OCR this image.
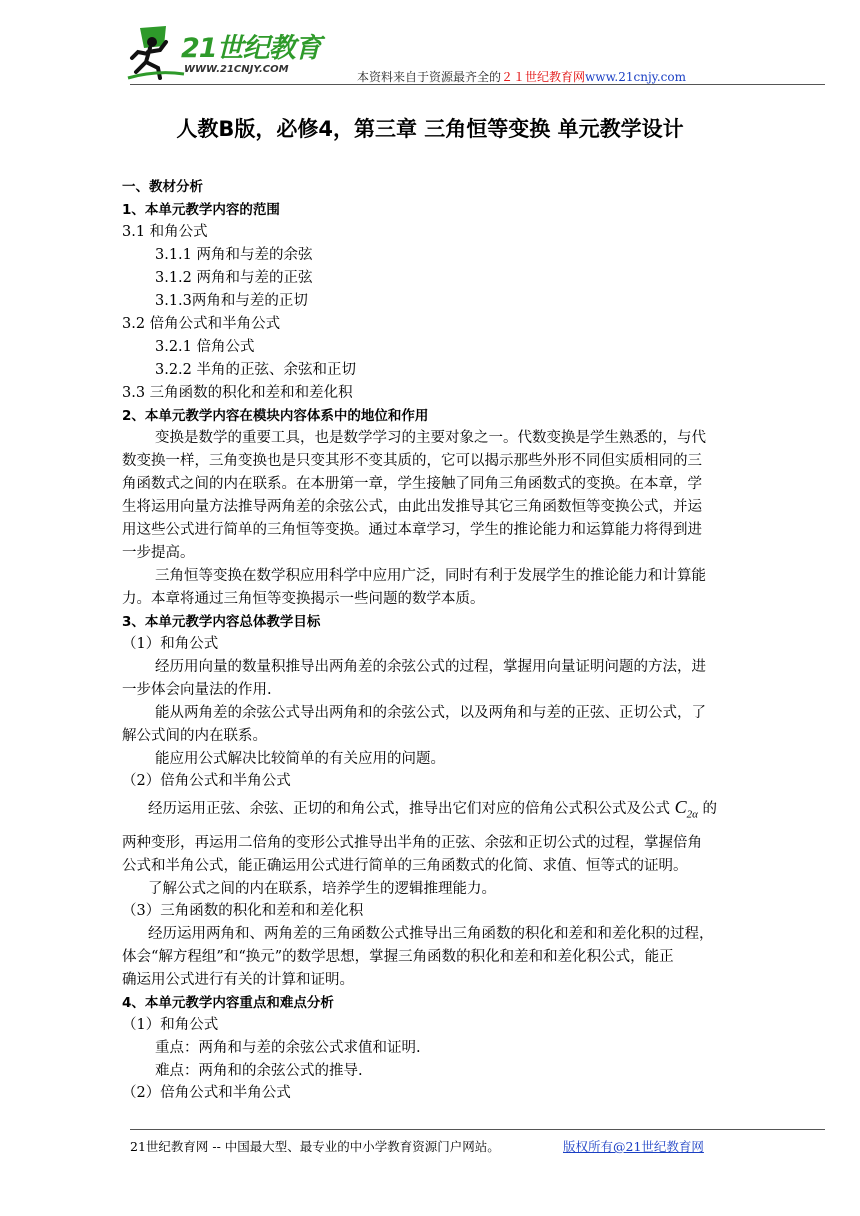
21世纪教育
WWW.21CNJY.COM
本资料来自于资源最齐全的２１世纪教育网www.21cnjy.com
人教B版，必修4，第三章 三角恒等变换 单元教学设计
一、教材分析
1、本单元教学内容的范围
3.1 和角公式
3.1.1 两角和与差的余弦
3.1.2 两角和与差的正弦
3.1.3两角和与差的正切
3.2 倍角公式和半角公式
3.2.1 倍角公式
3.2.2 半角的正弦、余弦和正切
3.3 三角函数的积化和差和和差化积
2、本单元教学内容在模块内容体系中的地位和作用
变换是数学的重要工具，也是数学学习的主要对象之一。代数变换是学生熟悉的，与代
数变换一样，三角变换也是只变其形不变其质的，它可以揭示那些外形不同但实质相同的三
角函数式之间的内在联系。在本册第一章，学生接触了同角三角函数式的变换。在本章，学
生将运用向量方法推导两角差的余弦公式，由此出发推导其它三角函数恒等变换公式，并运
用这些公式进行简单的三角恒等变换。通过本章学习，学生的推论能力和运算能力将得到进
一步提高。
三角恒等变换在数学积应用科学中应用广泛，同时有利于发展学生的推论能力和计算能
力。本章将通过三角恒等变换揭示一些问题的数学本质。
3、本单元教学内容总体教学目标
（1）和角公式
经历用向量的数量积推导出两角差的余弦公式的过程，掌握用向量证明问题的方法，进
一步体会向量法的作用.
能从两角差的余弦公式导出两角和的余弦公式，以及两角和与差的正弦、正切公式，了
解公式间的内在联系。
能应用公式解决比较简单的有关应用的问题。
（2）倍角公式和半角公式
经历运用正弦、余弦、正切的和角公式，推导出它们对应的倍角公式积公式及公式 $C_{2\alpha}$ 的
两种变形，再运用二倍角的变形公式推导出半角的正弦、余弦和正切公式的过程，掌握倍角
公式和半角公式，能正确运用公式进行简单的三角函数式的化简、求值、恒等式的证明。
了解公式之间的内在联系，培养学生的逻辑推理能力。
（3）三角函数的积化和差和和差化积
经历运用两角和、两角差的三角函数公式推导出三角函数的积化和差和和差化积的过程，
体会“解方程组”和“换元”的数学思想，掌握三角函数的积化和差和和差化积公式，能正
确运用公式进行有关的计算和证明。
4、本单元教学内容重点和难点分析
（1）和角公式
重点：两角和与差的余弦公式求值和证明.
难点：两角和的余弦公式的推导.
（2）倍角公式和半角公式
21世纪教育网 -- 中国最大型、最专业的中小学教育资源门户网站。	版权所有@21世纪教育网
